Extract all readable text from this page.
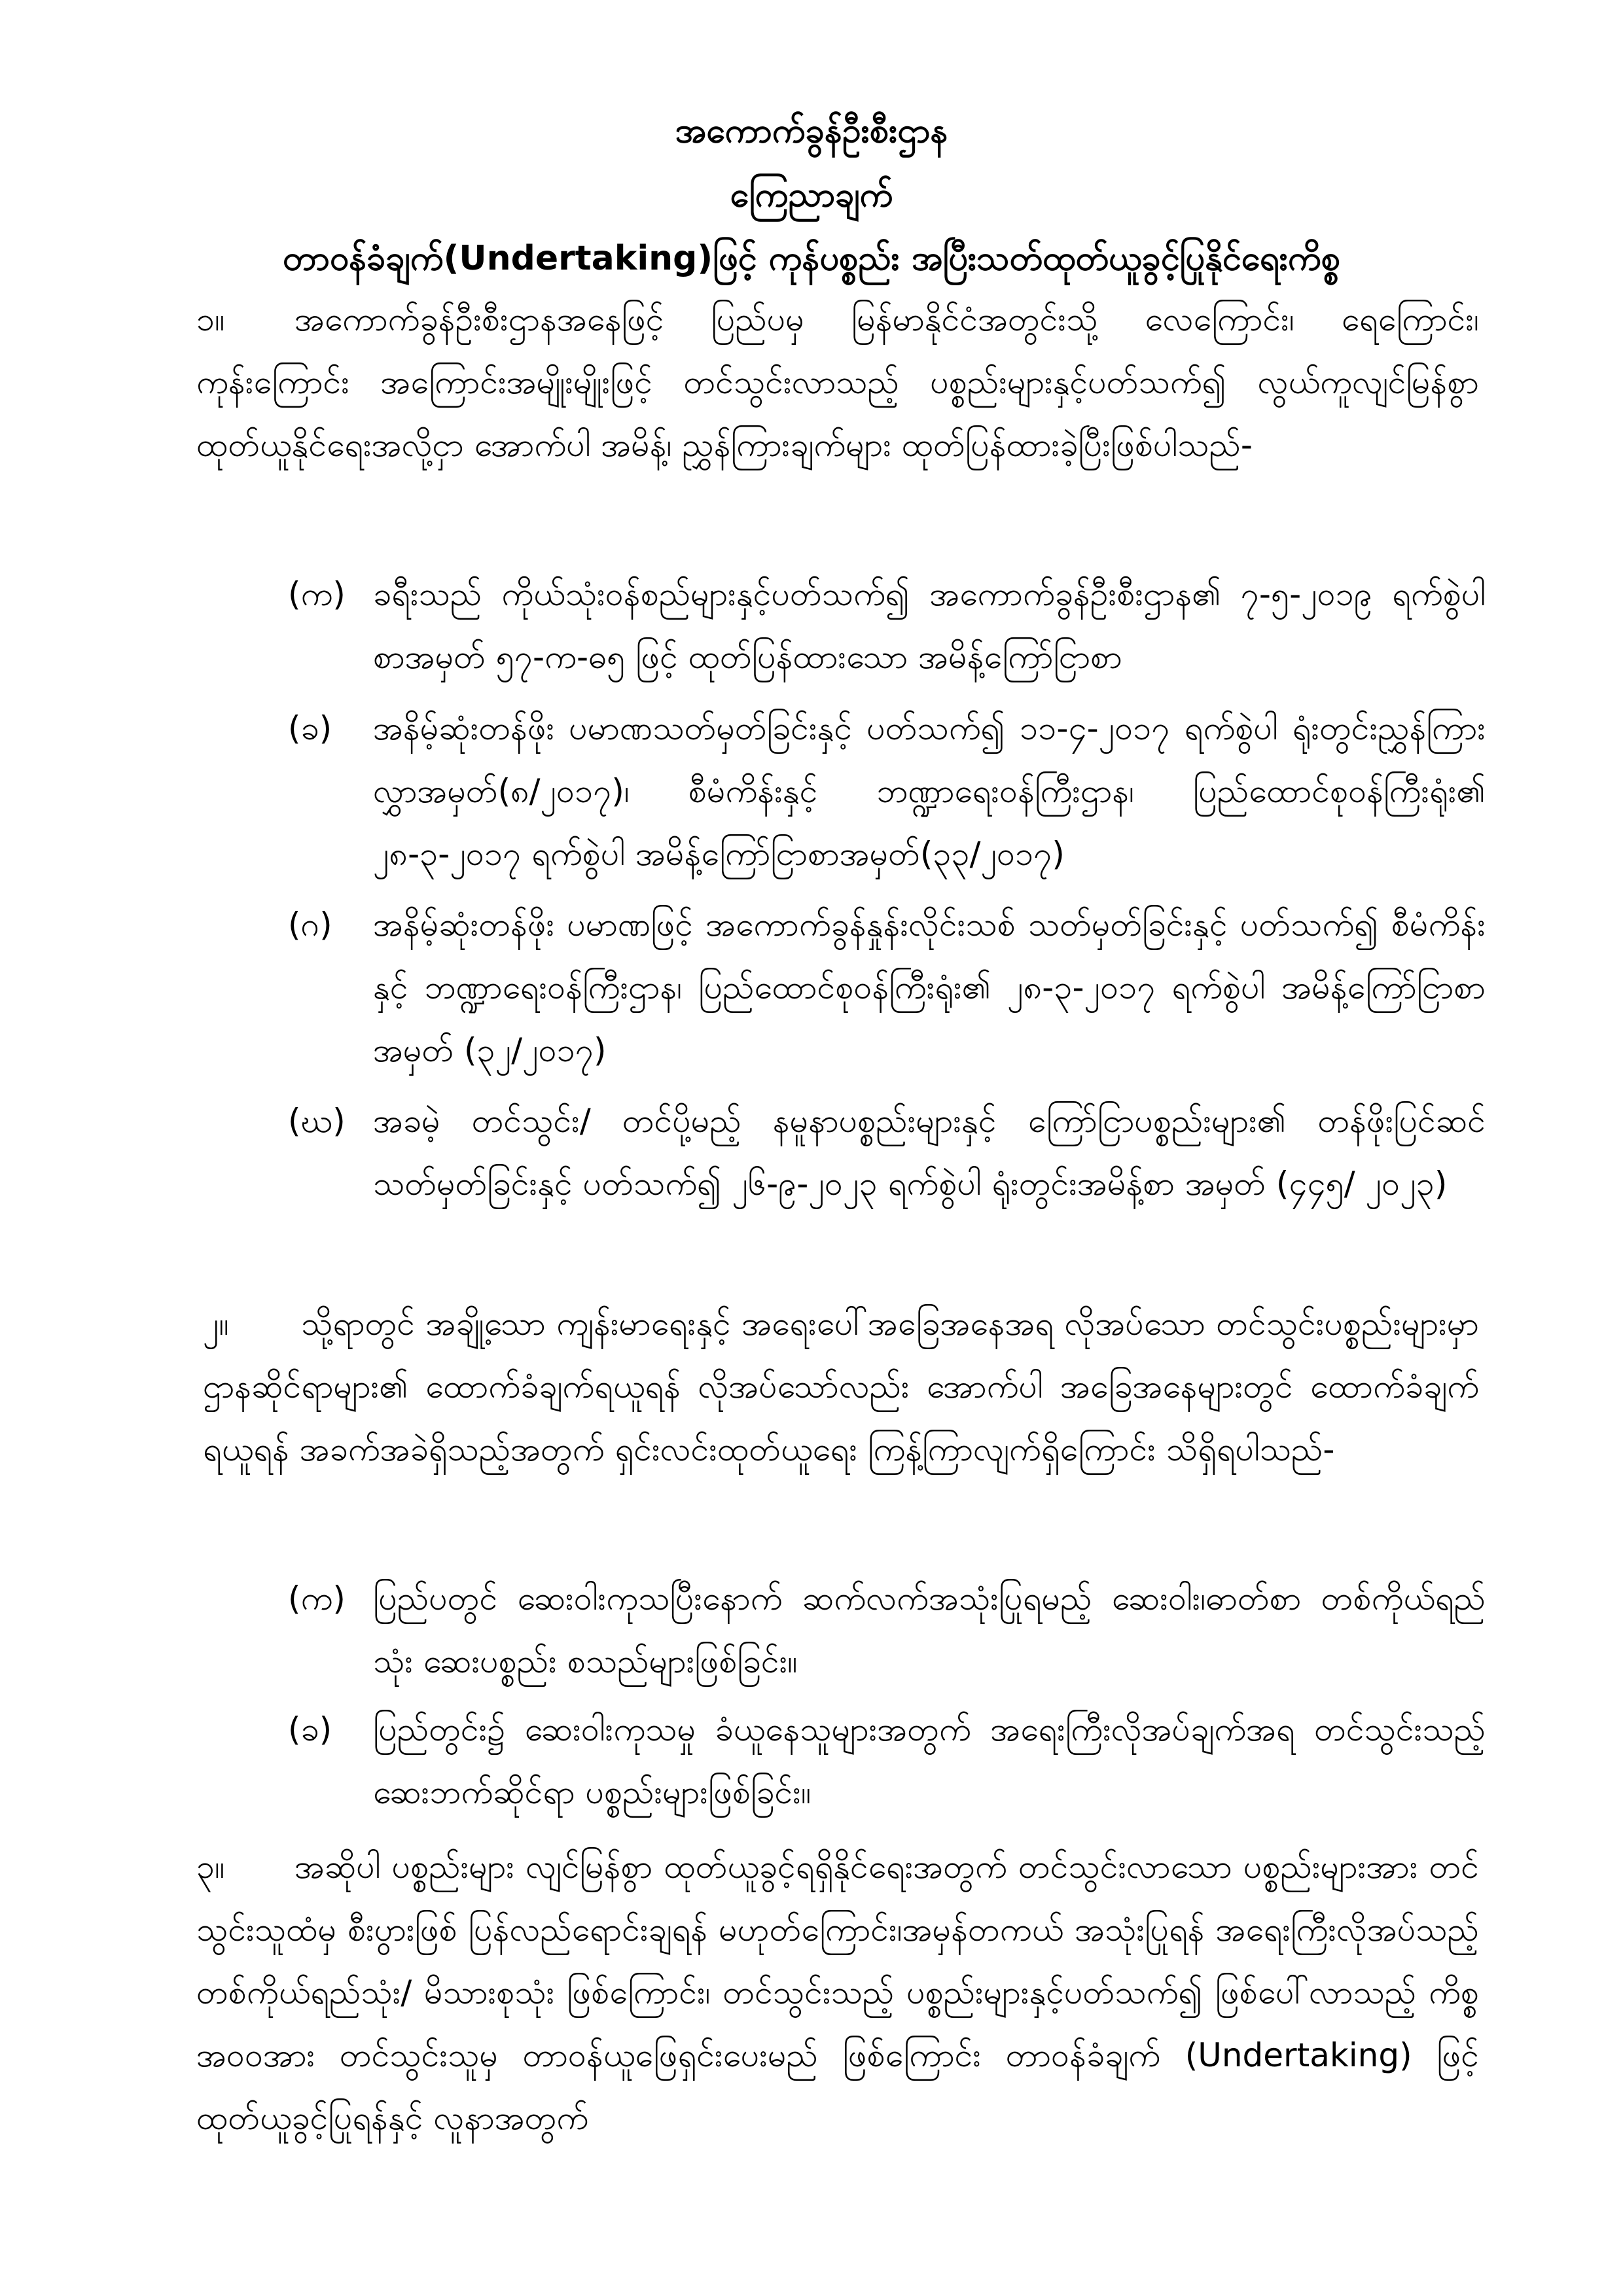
အကောက်ခွန်ဦးစီးဌာန
ကြေညာချက်
တာဝန်ခံချက်(Undertaking)ဖြင့် ကုန်ပစ္စည်း အပြီးသတ်ထုတ်ယူခွင့်ပြုနိုင်ရေးကိစ္စ
၁။ အကောက်ခွန်ဦးစီးဌာနအနေဖြင့် ပြည်ပမှ မြန်မာနိုင်ငံအတွင်းသို့ လေကြောင်း၊ ရေကြောင်း၊ ကုန်းကြောင်း အကြောင်းအမျိုးမျိုးဖြင့် တင်သွင်းလာသည့် ပစ္စည်းများနှင့်ပတ်သက်၍ လွယ်ကူလျင်မြန်စွာ ထုတ်ယူနိုင်ရေးအလို့ငှာ အောက်ပါ အမိန့်၊ ညွှန်ကြားချက်များ ထုတ်ပြန်ထားခဲ့ပြီးဖြစ်ပါသည်-
(က) ခရီးသည် ကိုယ်သုံးဝန်စည်များနှင့်ပတ်သက်၍ အကောက်ခွန်ဦးစီးဌာန၏ ၇-၅-၂၀၁၉ ရက်စွဲပါ စာအမှတ် ၅၇-က-ဓ၅ ဖြင့် ထုတ်ပြန်ထားသော အမိန့်ကြော်ငြာစာ
(ခ)	အနိမ့်ဆုံးတန်ဖိုး ပမာဏသတ်မှတ်ခြင်းနှင့် ပတ်သက်၍ ၁၁-၄-၂၀၁၇ ရက်စွဲပါ ရုံးတွင်းညွှန်ကြားလွှာအမှတ်(၈/၂၀၁၇)၊ စီမံကိန်းနှင့် ဘဏ္ဍာရေးဝန်ကြီးဌာန၊ ပြည်ထောင်စုဝန်ကြီးရုံး၏ ၂၈-၃-၂၀၁၇ ရက်စွဲပါ အမိန့်ကြော်ငြာစာအမှတ်(၃၃/၂၀၁၇)
(ဂ)	အနိမ့်ဆုံးတန်ဖိုး ပမာဏဖြင့် အကောက်ခွန်နှုန်းလိုင်းသစ် သတ်မှတ်ခြင်းနှင့် ပတ်သက်၍ စီမံကိန်းနှင့် ဘဏ္ဍာရေးဝန်ကြီးဌာန၊ ပြည်ထောင်စုဝန်ကြီးရုံး၏ ၂၈-၃-၂၀၁၇ ရက်စွဲပါ အမိန့်ကြော်ငြာစာအမှတ် (၃၂/၂၀၁၇)
(ဃ) အခမဲ့ တင်သွင်း/ တင်ပို့မည့် နမူနာပစ္စည်းများနှင့် ကြော်ငြာပစ္စည်းများ၏ တန်ဖိုးပြင်ဆင်သတ်မှတ်ခြင်းနှင့် ပတ်သက်၍ ၂၆-၉-၂၀၂၃ ရက်စွဲပါ ရုံးတွင်းအမိန့်စာ အမှတ် (၄၄၅/ ၂၀၂၃)
၂။ သို့ရာတွင် အချို့သော ကျန်းမာရေးနှင့် အရေးပေါ်အခြေအနေအရ လိုအပ်သော တင်သွင်းပစ္စည်းများမှာ ဌာနဆိုင်ရာများ၏ ထောက်ခံချက်ရယူရန် လိုအပ်သော်လည်း အောက်ပါ အခြေအနေများတွင် ထောက်ခံချက်ရယူရန် အခက်အခဲရှိသည့်အတွက် ရှင်းလင်းထုတ်ယူရေး ကြန့်ကြာလျက်ရှိကြောင်း သိရှိရပါသည်-
(က) ပြည်ပတွင် ဆေးဝါးကုသပြီးနောက် ဆက်လက်အသုံးပြုရမည့် ဆေးဝါး၊ဓာတ်စာ တစ်ကိုယ်ရည်သုံး ဆေးပစ္စည်း စသည်များဖြစ်ခြင်း။
(ခ)	ပြည်တွင်း၌ ဆေးဝါးကုသမှု ခံယူနေသူများအတွက် အရေးကြီးလိုအပ်ချက်အရ တင်သွင်းသည့် ဆေးဘက်ဆိုင်ရာ ပစ္စည်းများဖြစ်ခြင်း။
၃။ အဆိုပါ ပစ္စည်းများ လျင်မြန်စွာ ထုတ်ယူခွင့်ရရှိနိုင်ရေးအတွက် တင်သွင်းလာသော ပစ္စည်းများအား တင်သွင်းသူထံမှ စီးပွားဖြစ် ပြန်လည်ရောင်းချရန် မဟုတ်ကြောင်း၊အမှန်တကယ် အသုံးပြုရန် အရေးကြီးလိုအပ်သည့် တစ်ကိုယ်ရည်သုံး/ မိသားစုသုံး ဖြစ်ကြောင်း၊ တင်သွင်းသည့် ပစ္စည်းများနှင့်ပတ်သက်၍ ဖြစ်ပေါ်လာသည့် ကိစ္စအဝဝအား တင်သွင်းသူမှ တာဝန်ယူဖြေရှင်းပေးမည် ဖြစ်ကြောင်း တာဝန်ခံချက် (Undertaking) ဖြင့် ထုတ်ယူခွင့်ပြုရန်နှင့် လူနာအတွက်
